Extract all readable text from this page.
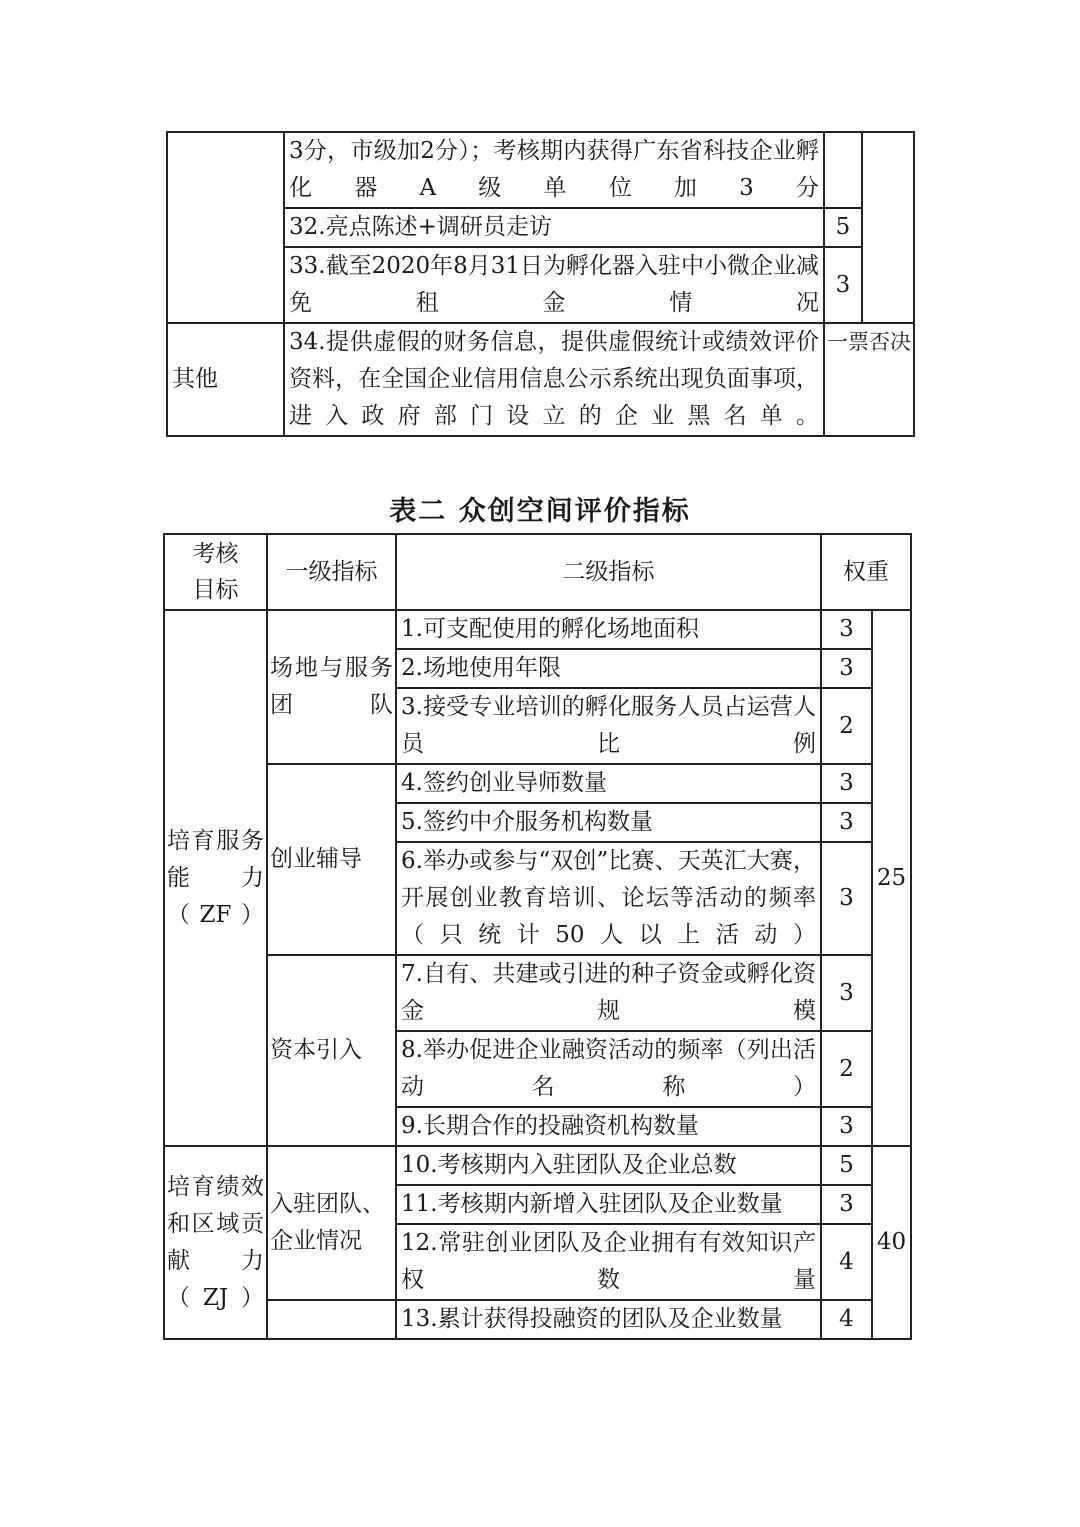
	3分，市级加2分）；考核期内获得广东省科技企业孵化器A级单位加3分		
	32.亮点陈述+调研员走访	5	
	33.截至2020年8月31日为孵化器入驻中小微企业减免租金情况	3	
其他	34.提供虚假的财务信息，提供虚假统计或绩效评价资料，在全国企业信用信息公示系统出现负面事项，进入政府部门设立的企业黑名单。	一票否决	
表二 众创空间评价指标
考核目标	一级指标	二级指标	权重	
培育服务能力（ZF）	场地与服务团队	1.可支配使用的孵化场地面积	3	25
		2.场地使用年限	3	
		3.接受专业培训的孵化服务人员占运营人员比例	2	
	创业辅导	4.签约创业导师数量	3	
		5.签约中介服务机构数量	3	
		6.举办或参与“双创”比赛、天英汇大赛，开展创业教育培训、论坛等活动的频率（只统计50人以上活动）	3	
	资本引入	7.自有、共建或引进的种子资金或孵化资金规模	3	
		8.举办促进企业融资活动的频率（列出活动名称）	2	
		9.长期合作的投融资机构数量	3	
培育绩效和区域贡献力（ZJ）	入驻团队、企业情况	10.考核期内入驻团队及企业总数	5	40
		11.考核期内新增入驻团队及企业数量	3	
		12.常驻创业团队及企业拥有有效知识产权数量	4	
		13.累计获得投融资的团队及企业数量	4	
